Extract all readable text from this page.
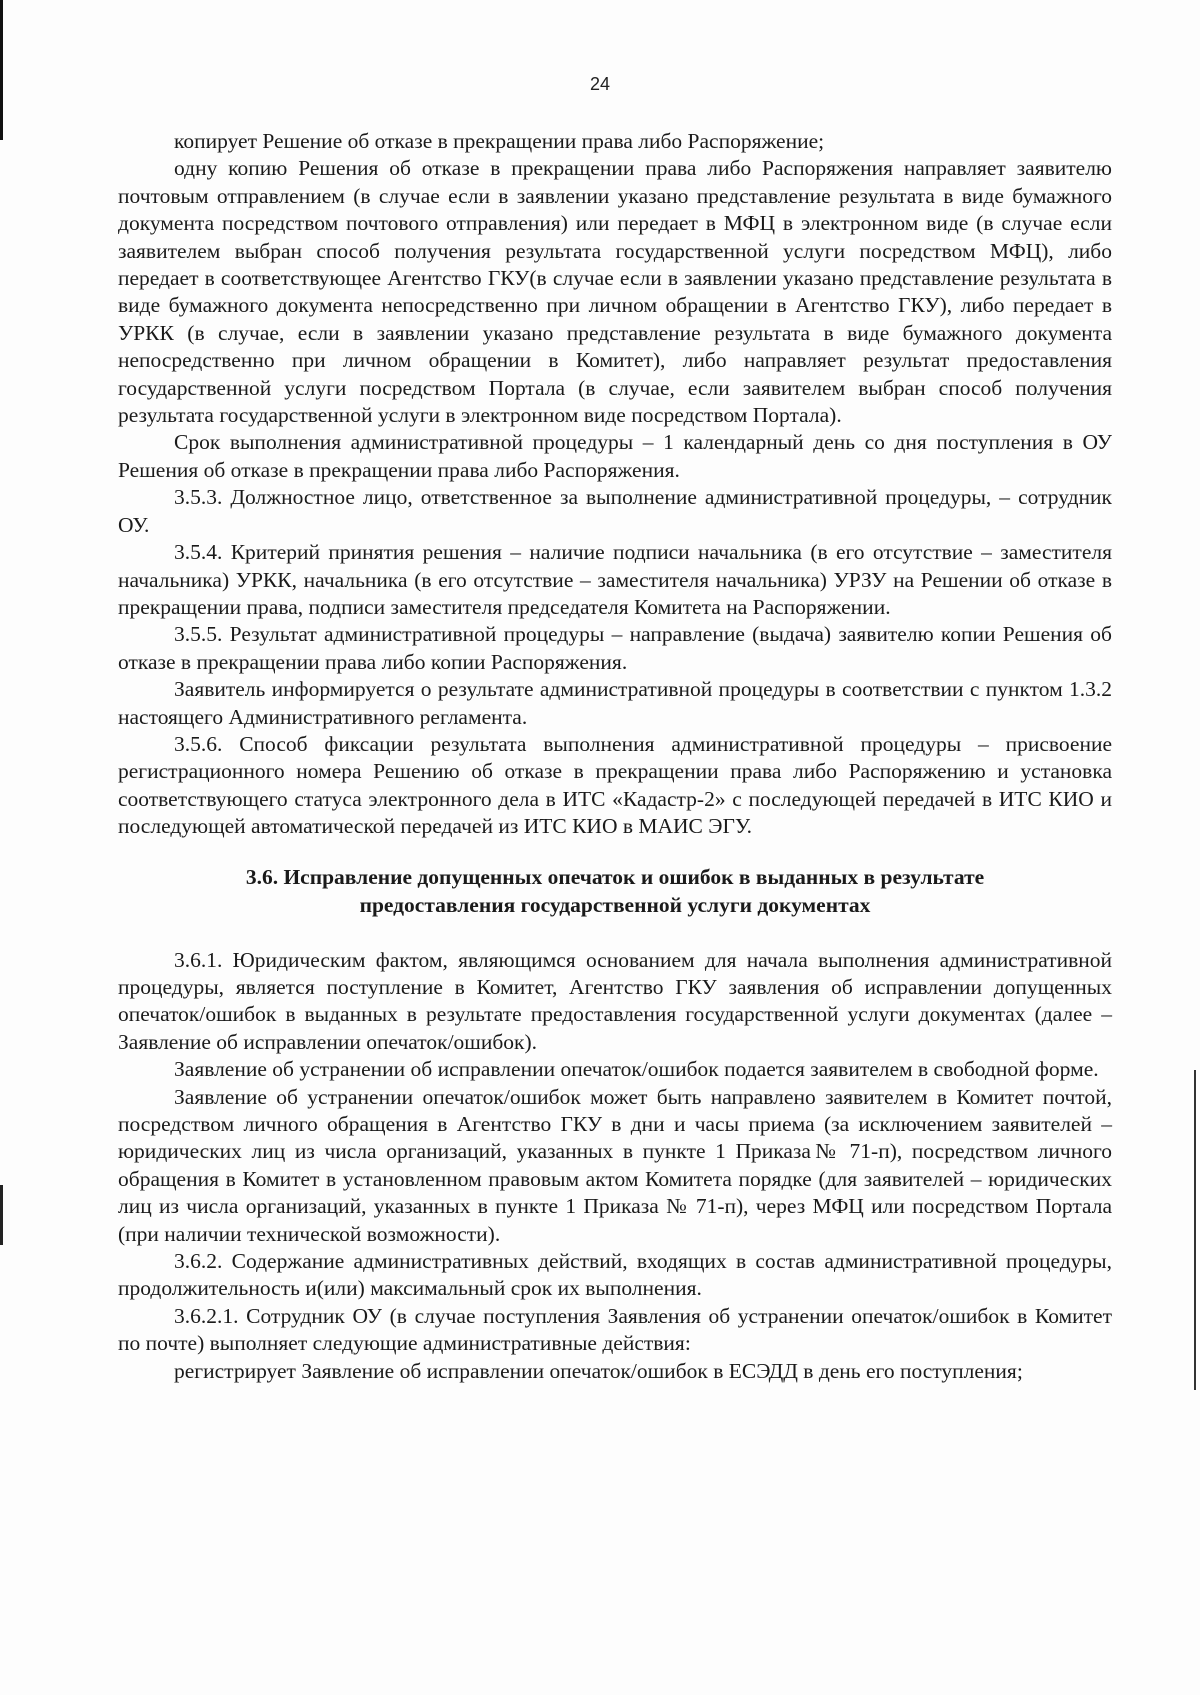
24

копирует Решение об отказе в прекращении права либо Распоряжение;

одну копию Решения об отказе в прекращении права либо Распоряжения направляет заявителю почтовым отправлением (в случае если в заявлении указано представление результата в виде бумажного документа посредством почтового отправления) или передает в МФЦ в электронном виде (в случае если заявителем выбран способ получения результата государственной услуги посредством МФЦ), либо передает в соответствующее Агентство ГКУ(в случае если в заявлении указано представление результата в виде бумажного документа непосредственно при личном обращении в Агентство ГКУ), либо передает в УРКК (в случае, если в заявлении указано представление результата в виде бумажного документа непосредственно при личном обращении в Комитет), либо направляет результат предоставления государственной услуги посредством Портала (в случае, если заявителем выбран способ получения результата государственной услуги в электронном виде посредством Портала).

Срок выполнения административной процедуры – 1 календарный день со дня поступления в ОУ Решения об отказе в прекращении права либо Распоряжения.

3.5.3. Должностное лицо, ответственное за выполнение административной процедуры, – сотрудник ОУ.

3.5.4. Критерий принятия решения – наличие подписи начальника (в его отсутствие – заместителя начальника) УРКК, начальника (в его отсутствие – заместителя начальника) УРЗУ на Решении об отказе в прекращении права, подписи заместителя председателя Комитета на Распоряжении.

3.5.5. Результат административной процедуры – направление (выдача) заявителю копии Решения об отказе в прекращении права либо копии Распоряжения.

Заявитель информируется о результате административной процедуры в соответствии с пунктом 1.3.2 настоящего Административного регламента.

3.5.6. Способ фиксации результата выполнения административной процедуры – присвоение регистрационного номера Решению об отказе в прекращении права либо Распоряжению и установка соответствующего статуса электронного дела в ИТС «Кадастр-2» с последующей передачей в ИТС КИО и последующей автоматической передачей из ИТС КИО в МАИС ЭГУ.

3.6. Исправление допущенных опечаток и ошибок в выданных в результате предоставления государственной услуги документах

3.6.1. Юридическим фактом, являющимся основанием для начала выполнения административной процедуры, является поступление в Комитет, Агентство ГКУ заявления об исправлении допущенных опечаток/ошибок в выданных в результате предоставления государственной услуги документах (далее – Заявление об исправлении опечаток/ошибок).

Заявление об устранении об исправлении опечаток/ошибок подается заявителем в свободной форме.

Заявление об устранении опечаток/ошибок может быть направлено заявителем в Комитет почтой, посредством личного обращения в Агентство ГКУ в дни и часы приема (за исключением заявителей – юридических лиц из числа организаций, указанных в пункте 1 Приказа№ 71-п), посредством личного обращения в Комитет в установленном правовым актом Комитета порядке (для заявителей – юридических лиц из числа организаций, указанных в пункте 1 Приказа № 71-п), через МФЦ или посредством Портала (при наличии технической возможности).

3.6.2. Содержание административных действий, входящих в состав административной процедуры, продолжительность и(или) максимальный срок их выполнения.

3.6.2.1. Сотрудник ОУ (в случае поступления Заявления об устранении опечаток/ошибок в Комитет по почте) выполняет следующие административные действия:

регистрирует Заявление об исправлении опечаток/ошибок в ЕСЭДД в день его поступления;
